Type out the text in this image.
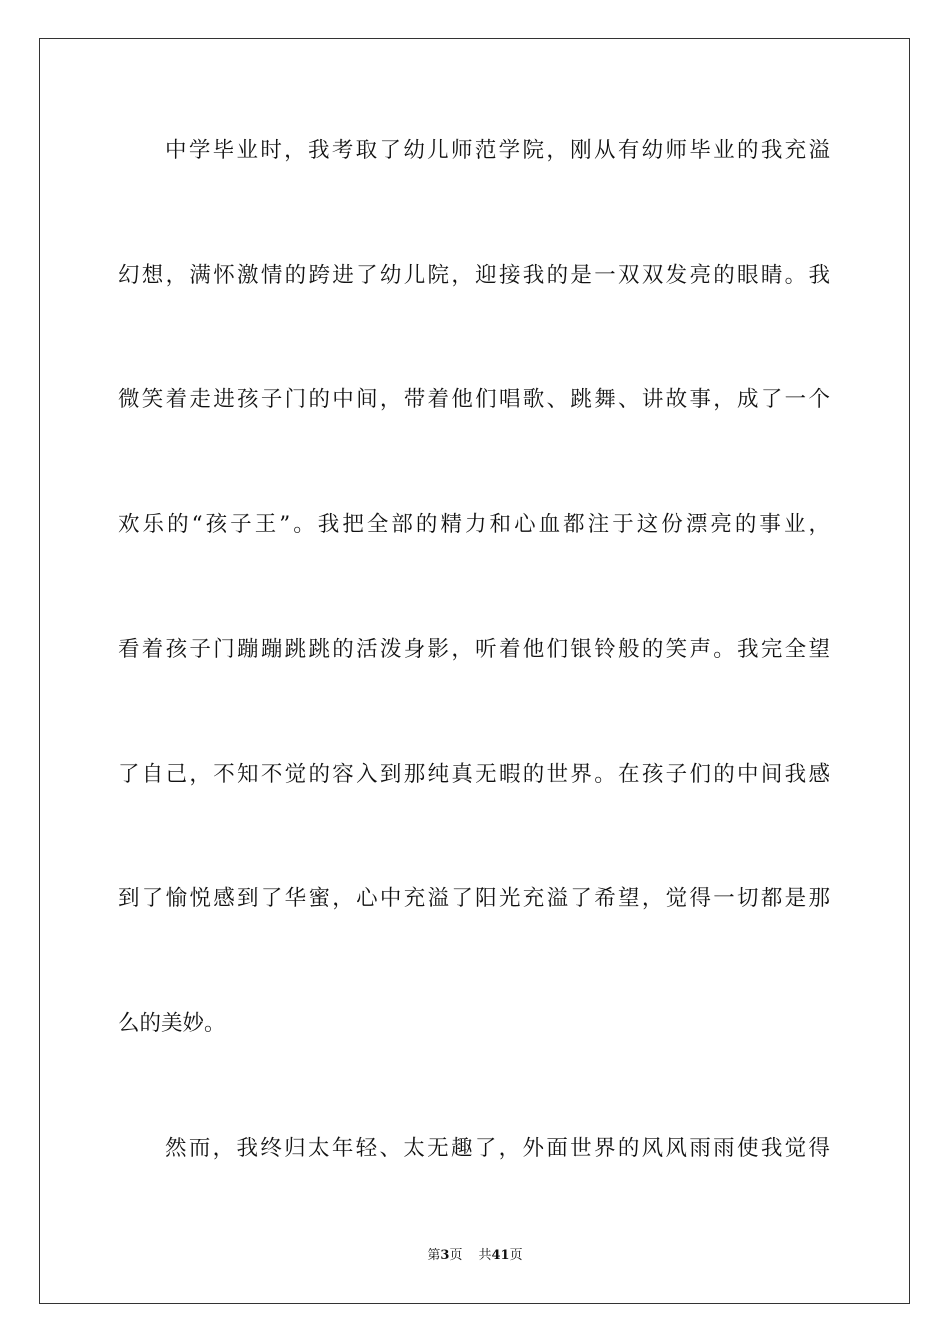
中学毕业时，我考取了幼儿师范学院，刚从有幼师毕业的我充溢
幻想，满怀激情的跨进了幼儿院，迎接我的是一双双发亮的眼睛。我
微笑着走进孩子门的中间，带着他们唱歌、跳舞、讲故事，成了一个
欢乐的“孩子王”。我把全部的精力和心血都注于这份漂亮的事业，
看着孩子门蹦蹦跳跳的活泼身影，听着他们银铃般的笑声。我完全望
了自己，不知不觉的容入到那纯真无暇的世界。在孩子们的中间我感
到了愉悦感到了华蜜，心中充溢了阳光充溢了希望，觉得一切都是那
么的美妙。
然而，我终归太年轻、太无趣了，外面世界的风风雨雨使我觉得
第3页 共41页
